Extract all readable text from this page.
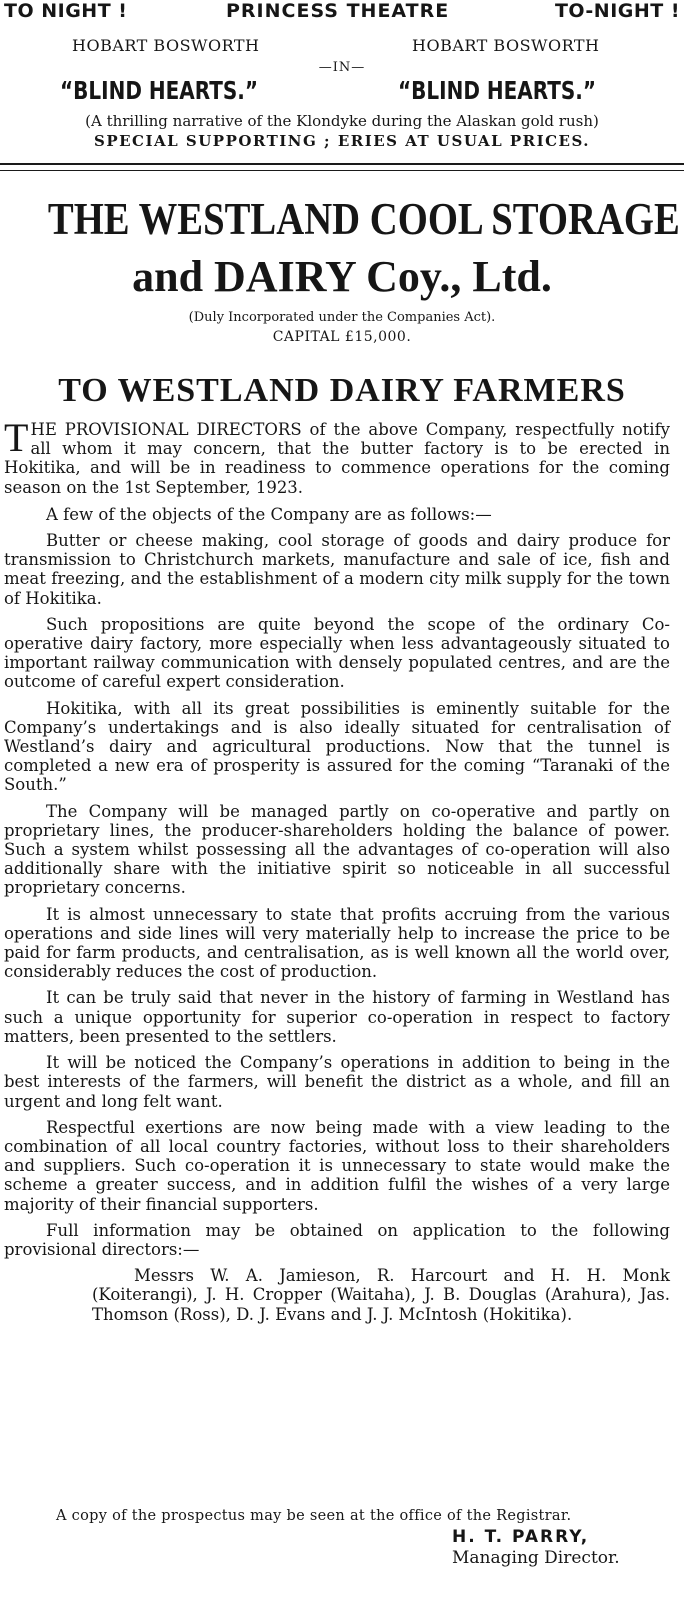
TO NIGHT !	PRINCESS THEATRE	TO-NIGHT !
HOBART BOSWORTH	HOBART BOSWORTH
—IN—
“BLIND HEARTS.”	“BLIND HEARTS.”
(A thrilling narrative of the Klondyke during the Alaskan gold rush)
SPECIAL SUPPORTING ; ERIES AT USUAL PRICES.
THE WESTLAND COOL STORAGE
and DAIRY Coy., Ltd.
(Duly Incorporated under the Companies Act).
CAPITAL £15,000.
TO WESTLAND DAIRY FARMERS

THE PROVISIONAL DIRECTORS of the above Company, respectfully notify all whom it may concern, that the butter factory is to be erected in Hokitika, and will be in readiness to commence operations for the coming season on the 1st September, 1923.

A few of the objects of the Company are as follows:—

Butter or cheese making, cool storage of goods and dairy produce for transmission to Christchurch markets, manufacture and sale of ice, fish and meat freezing, and the establishment of a modern city milk supply for the town of Hokitika.

Such propositions are quite beyond the scope of the ordinary Co-operative dairy factory, more especially when less advantageously situated to important railway communication with densely populated centres, and are the outcome of careful expert consideration.

Hokitika, with all its great possibilities is eminently suitable for the Company’s undertakings and is also ideally situated for centralisation of Westland’s dairy and agricultural productions. Now that the tunnel is completed a new era of prosperity is assured for the coming “Taranaki of the South.”

The Company will be managed partly on co-operative and partly on proprietary lines, the producer-shareholders holding the balance of power. Such a system whilst possessing all the advantages of co-operation will also additionally share with the initiative spirit so noticeable in all successful proprietary concerns.

It is almost unnecessary to state that profits accruing from the various operations and side lines will very materially help to increase the price to be paid for farm products, and centralisation, as is well known all the world over, considerably reduces the cost of production.

It can be truly said that never in the history of farming in Westland has such a unique opportunity for superior co-operation in respect to factory matters, been presented to the settlers.

It will be noticed the Company’s operations in addition to being in the best interests of the farmers, will benefit the district as a whole, and fill an urgent and long felt want.

Respectful exertions are now being made with a view leading to the combination of all local country factories, without loss to their shareholders and suppliers. Such co-operation it is unnecessary to state would make the scheme a greater success, and in addition fulfil the wishes of a very large majority of their financial supporters.

Full information may be obtained on application to the following provisional directors:—

Messrs W. A. Jamieson, R. Harcourt and H. H. Monk (Koiterangi), J. H. Cropper (Waitaha), J. B. Douglas (Arahura), Jas. Thomson (Ross), D. J. Evans and J. J. McIntosh (Hokitika).

A copy of the prospectus may be seen at the office of the Registrar.
H. T. PARRY,
Managing Director.
